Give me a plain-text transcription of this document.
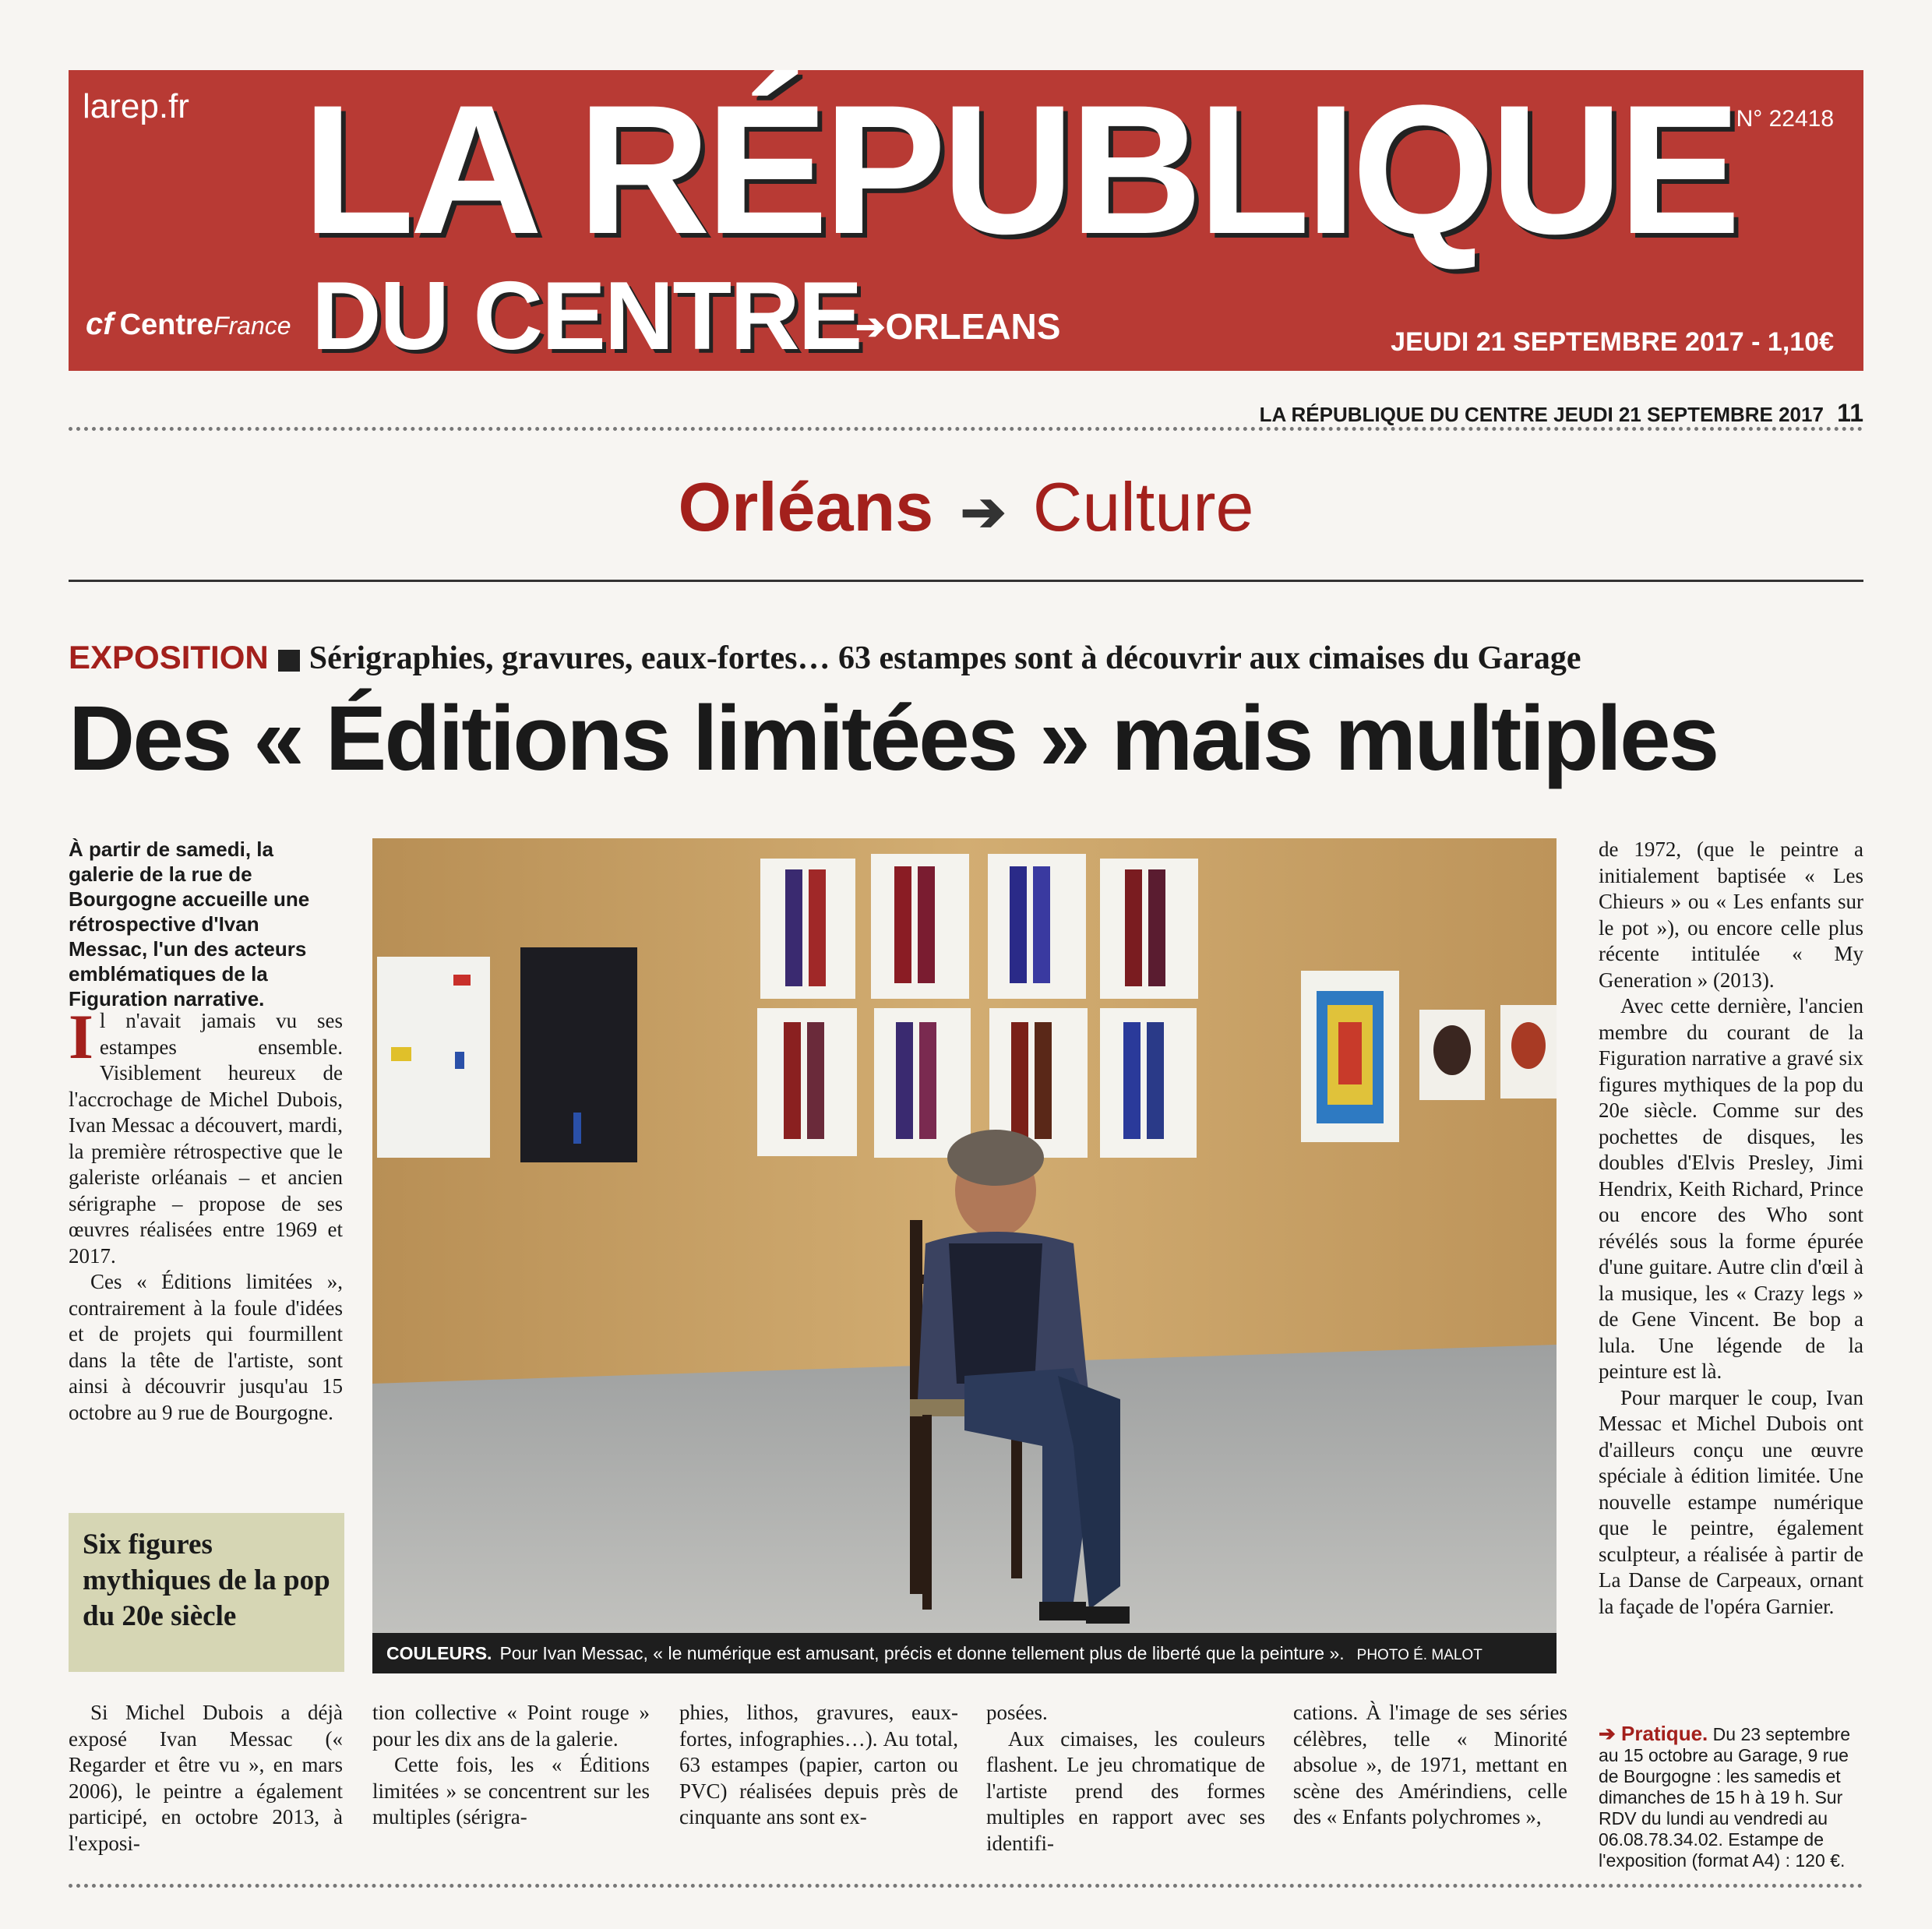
larep.fr	N° 22418
LA RÉPUBLIQUE
DU CENTRE
cf CentreFrance	➔ORLEANS	JEUDI 21 SEPTEMBRE 2017 - 1,10€
LA RÉPUBLIQUE DU CENTRE JEUDI 21 SEPTEMBRE 2017 11
Orléans ➔ Culture
EXPOSITION Sérigraphies, gravures, eaux-fortes… 63 estampes sont à découvrir aux cimaises du Garage
Des « Éditions limitées » mais multiples
À partir de samedi, la galerie de la rue de Bourgogne accueille une rétrospective d'Ivan Messac, l'un des acteurs emblématiques de la Figuration narrative.

Il n'avait jamais vu ses estampes ensemble. Visiblement heureux de l'accrochage de Michel Dubois, Ivan Messac a découvert, mardi, la première rétrospective que le galeriste orléanais – et ancien sérigraphe – propose de ses œuvres réalisées entre 1969 et 2017.

Ces « Éditions limitées », contrairement à la foule d'idées et de projets qui fourmillent dans la tête de l'artiste, sont ainsi à découvrir jusqu'au 15 octobre au 9 rue de Bourgogne.

Six figures mythiques de la pop du 20e siècle
COULEURS. Pour Ivan Messac, « le numérique est amusant, précis et donne tellement plus de liberté que la peinture ». PHOTO É. MALOT

de 1972, (que le peintre a initialement baptisée « Les Chieurs » ou « Les enfants sur le pot »), ou encore celle plus récente intitulée « My Generation » (2013).

Avec cette dernière, l'ancien membre du courant de la Figuration narrative a gravé six figures mythiques de la pop du 20e siècle. Comme sur des pochettes de disques, les doubles d'Elvis Presley, Jimi Hendrix, Keith Richard, Prince ou encore des Who sont révélés sous la forme épurée d'une guitare. Autre clin d'œil à la musique, les « Crazy legs » de Gene Vincent. Be bop a lula. Une légende de la peinture est là.

Pour marquer le coup, Ivan Messac et Michel Dubois ont d'ailleurs conçu une œuvre spéciale à édition limitée. Une nouvelle estampe numérique que le peintre, également sculpteur, a réalisée à partir de La Danse de Carpeaux, ornant la façade de l'opéra Garnier.

➔ Pratique. Du 23 septembre au 15 octobre au Garage, 9 rue de Bourgogne : les samedis et dimanches de 15 h à 19 h. Sur RDV du lundi au vendredi au 06.08.78.34.02. Estampe de l'exposition (format A4) : 120 €.

Si Michel Dubois a déjà exposé Ivan Messac (« Regarder et être vu », en mars 2006), le peintre a également participé, en octobre 2013, à l'exposi-

tion collective « Point rouge » pour les dix ans de la galerie.

Cette fois, les « Éditions limitées » se concentrent sur les multiples (sérigra-

phies, lithos, gravures, eaux-fortes, infographies…). Au total, 63 estampes (papier, carton ou PVC) réalisées depuis près de cinquante ans sont ex-

posées.

Aux cimaises, les couleurs flashent. Le jeu chromatique de l'artiste prend des formes multiples en rapport avec ses identifi-

cations. À l'image de ses séries célèbres, telle « Minorité absolue », de 1971, mettant en scène des Amérindiens, celle des « Enfants polychromes »,
